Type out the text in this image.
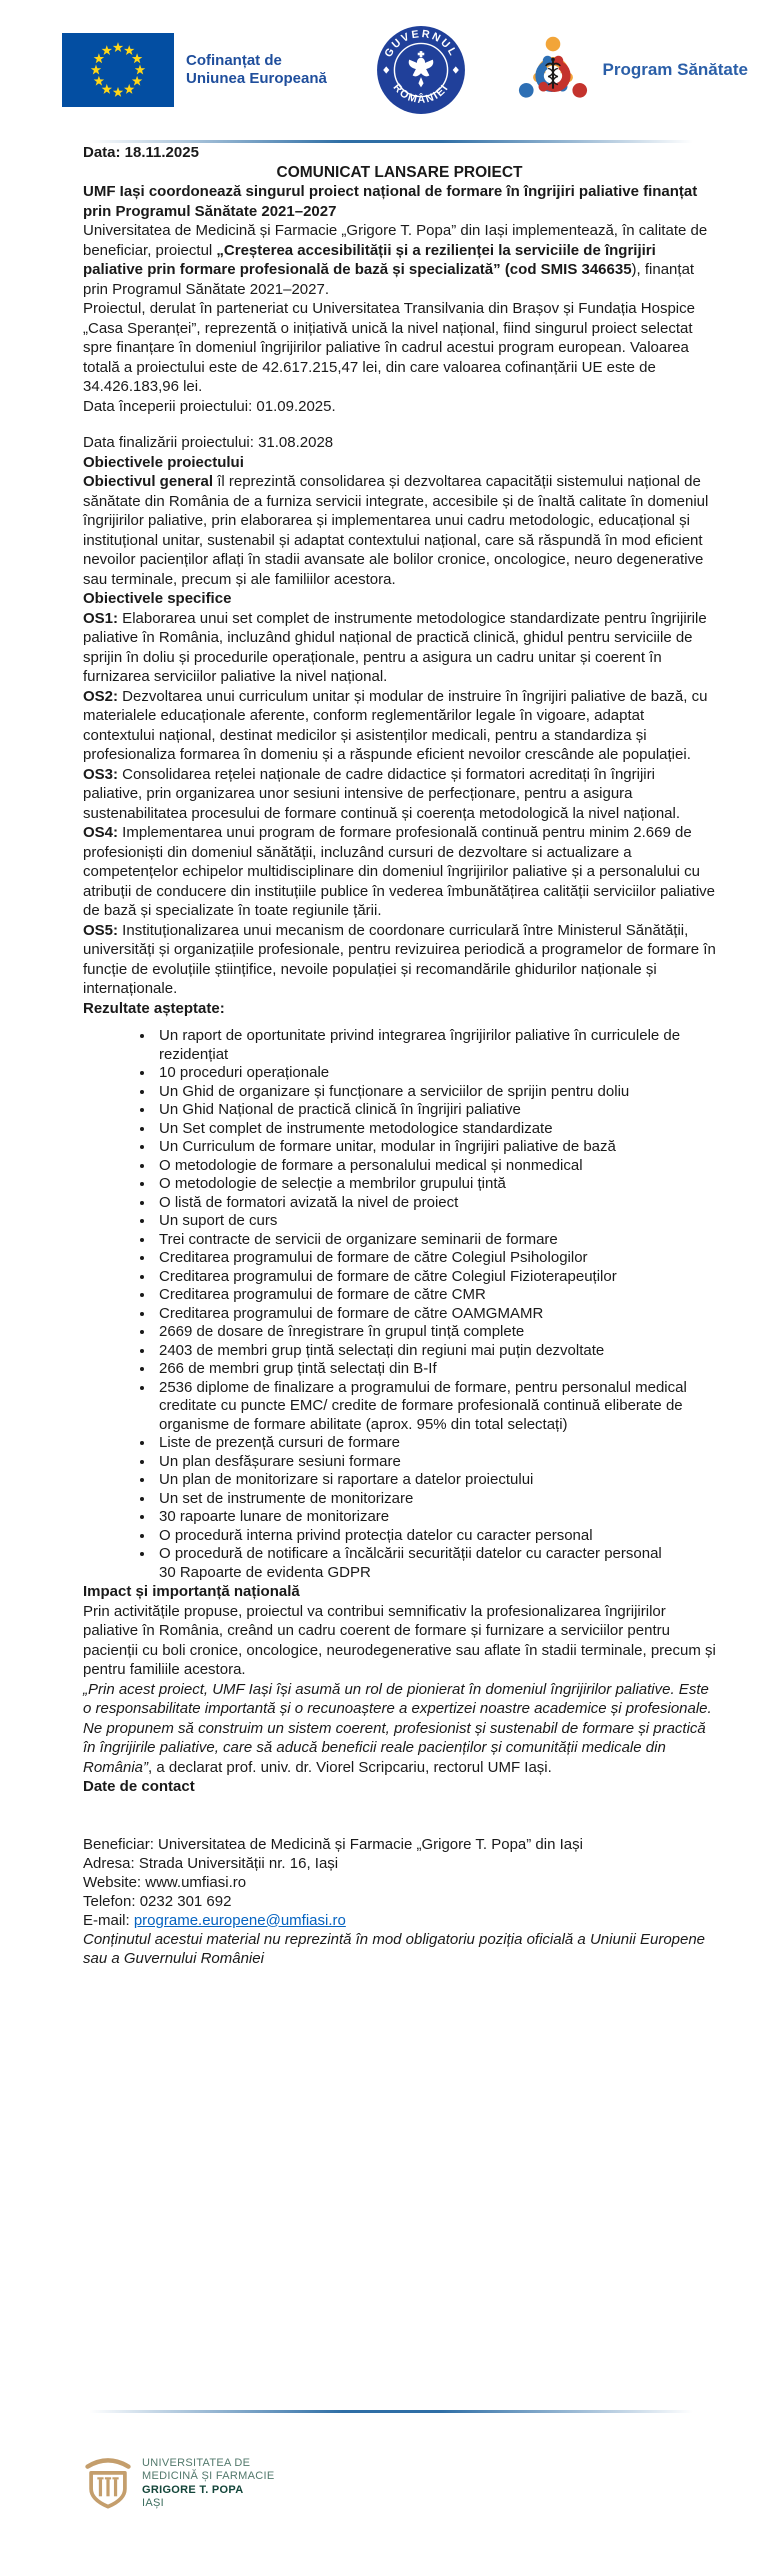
Cofinanțat de
Uniunea Europeană
GUVERNUL
ROMÂNIEI
Program Sănătate

Data: 18.11.2025

COMUNICAT LANSARE PROIECT

UMF Iași coordonează singurul proiect național de formare în îngrijiri paliative finanțat prin Programul Sănătate 2021–2027

Universitatea de Medicină și Farmacie „Grigore T. Popa” din Iași implementează, în calitate de beneficiar, proiectul „Creșterea accesibilității și a rezilienței la serviciile de îngrijiri paliative prin formare profesională de bază și specializată” (cod SMIS 346635), finanțat prin Programul Sănătate 2021–2027.

Proiectul, derulat în parteneriat cu Universitatea Transilvania din Brașov și Fundația Hospice „Casa Speranței”, reprezentă o inițiativă unică la nivel național, fiind singurul proiect selectat spre finanțare în domeniul îngrijirilor paliative în cadrul acestui program european. Valoarea totală a proiectului este de 42.617.215,47 lei, din care valoarea cofinanțării UE este de 34.426.183,96 lei.

Data începerii proiectului: 01.09.2025.

Data finalizării proiectului: 31.08.2028

Obiectivele proiectului

Obiectivul general îl reprezintă consolidarea și dezvoltarea capacității sistemului național de sănătate din România de a furniza servicii integrate, accesibile și de înaltă calitate în domeniul îngrijirilor paliative, prin elaborarea și implementarea unui cadru metodologic, educațional și instituțional unitar, sustenabil și adaptat contextului național, care să răspundă în mod eficient nevoilor pacienților aflați în stadii avansate ale bolilor cronice, oncologice, neuro degenerative sau terminale, precum și ale familiilor acestora.

Obiectivele specifice

OS1: Elaborarea unui set complet de instrumente metodologice standardizate pentru îngrijirile paliative în România, incluzând ghidul național de practică clinică, ghidul pentru serviciile de sprijin în doliu și procedurile operaționale, pentru a asigura un cadru unitar și coerent în furnizarea serviciilor paliative la nivel național.

OS2: Dezvoltarea unui curriculum unitar și modular de instruire în îngrijiri paliative de bază, cu materialele educaționale aferente, conform reglementărilor legale în vigoare, adaptat contextului național, destinat medicilor și asistenților medicali, pentru a standardiza și profesionaliza formarea în domeniu și a răspunde eficient nevoilor crescânde ale populației.

OS3: Consolidarea rețelei naționale de cadre didactice și formatori acreditați în îngrijiri paliative, prin organizarea unor sesiuni intensive de perfecționare, pentru a asigura sustenabilitatea procesului de formare continuă și coerența metodologică la nivel național.

OS4: Implementarea unui program de formare profesională continuă pentru minim 2.669 de profesioniști din domeniul sănătății, incluzând cursuri de dezvoltare si actualizare a competențelor echipelor multidisciplinare din domeniul îngrijirilor paliative și a personalului cu atribuții de conducere din instituțiile publice în vederea îmbunătățirea calității serviciilor paliative de bază și specializate în toate regiunile țării.

OS5: Instituționalizarea unui mecanism de coordonare curriculară între Ministerul Sănătății, universități și organizațiile profesionale, pentru revizuirea periodică a programelor de formare în funcție de evoluțiile științifice, nevoile populației și recomandările ghidurilor naționale și internaționale.

Rezultate așteptate:

• Un raport de oportunitate privind integrarea îngrijirilor paliative în curriculele de rezidențiat
• 10 proceduri operaționale
• Un Ghid de organizare și funcționare a serviciilor de sprijin pentru doliu
• Un Ghid Național de practică clinică în îngrijiri paliative
• Un Set complet de instrumente metodologice standardizate
• Un Curriculum de formare unitar, modular in îngrijiri paliative de bază
• O metodologie de formare a personalului medical și nonmedical
• O metodologie de selecție a membrilor grupului țintă
• O listă de formatori avizată la nivel de proiect
• Un suport de curs
• Trei contracte de servicii de organizare seminarii de formare
• Creditarea programului de formare de către Colegiul Psihologilor
• Creditarea programului de formare de către Colegiul Fizioterapeuților
• Creditarea programului de formare de către CMR
• Creditarea programului de formare de către OAMGMAMR
• 2669 de dosare de înregistrare în grupul tință complete
• 2403 de membri grup țintă selectați din regiuni mai puțin dezvoltate
• 266 de membri grup țintă selectați din B-If
• 2536 diplome de finalizare a programului de formare, pentru personalul medical creditate cu puncte EMC/ credite de formare profesională continuă eliberate de organisme de formare abilitate (aprox. 95% din total selectați)
• Liste de prezență cursuri de formare
• Un plan desfășurare sesiuni formare
• Un plan de monitorizare si raportare a datelor proiectului
• Un set de instrumente de monitorizare
• 30 rapoarte lunare de monitorizare
• O procedură interna privind protecția datelor cu caracter personal
• O procedură de notificare a încălcării securității datelor cu caracter personal
30 Rapoarte de evidenta GDPR

Impact și importanță națională

Prin activitățile propuse, proiectul va contribui semnificativ la profesionalizarea îngrijirilor paliative în România, creând un cadru coerent de formare și furnizare a serviciilor pentru pacienții cu boli cronice, oncologice, neurodegenerative sau aflate în stadii terminale, precum și pentru familiile acestora.

„Prin acest proiect, UMF Iași își asumă un rol de pionierat în domeniul îngrijirilor paliative. Este o responsabilitate importantă și o recunoaștere a expertizei noastre academice și profesionale. Ne propunem să construim un sistem coerent, profesionist și sustenabil de formare și practică în îngrijirile paliative, care să aducă beneficii reale pacienților și comunității medicale din România”, a declarat prof. univ. dr. Viorel Scripcariu, rectorul UMF Iași.

Date de contact

Beneficiar: Universitatea de Medicină și Farmacie „Grigore T. Popa” din Iași

Adresa: Strada Universității nr. 16, Iași

Website: www.umfiasi.ro

Telefon: 0232 301 692

E-mail: programe.europene@umfiasi.ro

Conținutul acestui material nu reprezintă în mod obligatoriu poziția oficială a Uniunii Europene sau a Guvernului României

UNIVERSITATEA DE
MEDICINĂ ȘI FARMACIE
GRIGORE T. POPA
IAȘI
